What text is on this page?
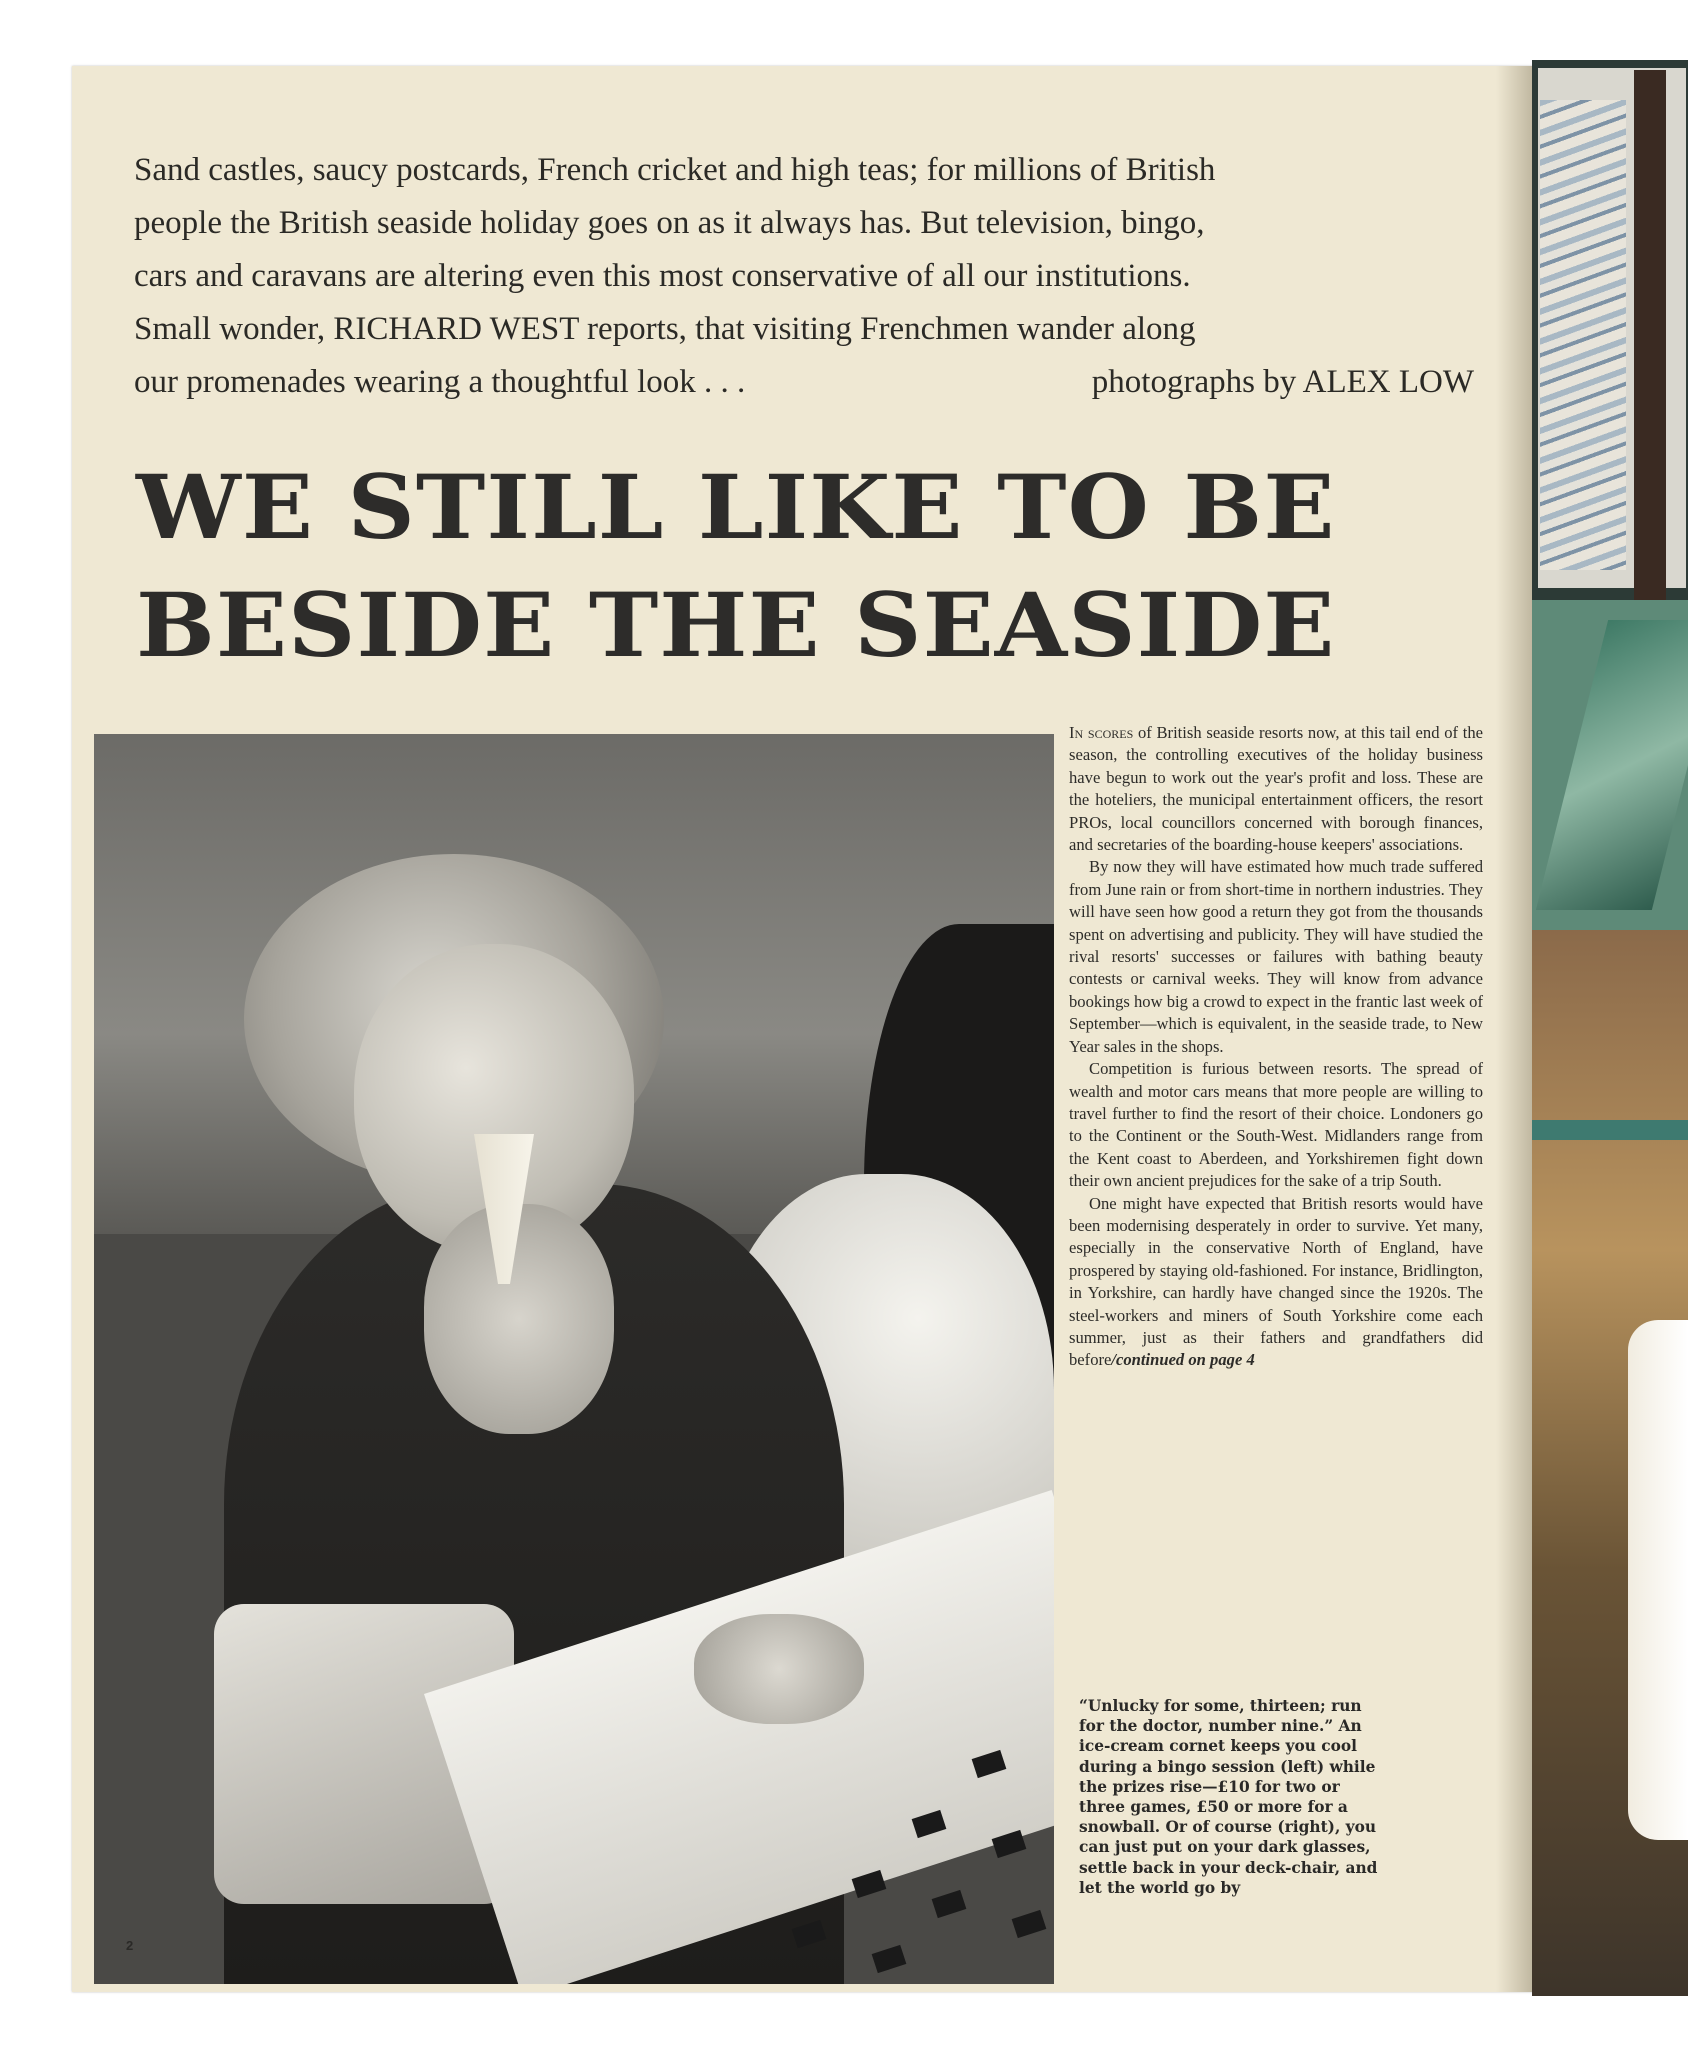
Sand castles, saucy postcards, French cricket and high teas; for millions of British

people the British seaside holiday goes on as it always has. But television, bingo,

cars and caravans are altering even this most conservative of all our institutions.

Small wonder, RICHARD WEST reports, that visiting Frenchmen wander along

our promenades wearing a thoughtful look . . .	photographs by ALEX LOW

WE STILL LIKE TO BE
BESIDE THE SEASIDE

In scores of British seaside resorts now, at this tail end of the season, the controlling executives of the holiday business have begun to work out the year's profit and loss. These are the hoteliers, the municipal entertainment officers, the resort PROs, local councillors concerned with borough finances, and secretaries of the boarding-house keepers' associations.

By now they will have estimated how much trade suffered from June rain or from short-time in northern industries. They will have seen how good a return they got from the thousands spent on advertising and publicity. They will have studied the rival resorts' successes or failures with bathing beauty contests or carnival weeks. They will know from advance bookings how big a crowd to expect in the frantic last week of September—which is equivalent, in the seaside trade, to New Year sales in the shops.

Competition is furious between resorts. The spread of wealth and motor cars means that more people are willing to travel further to find the resort of their choice. Londoners go to the Continent or the South-West. Midlanders range from the Kent coast to Aberdeen, and Yorkshiremen fight down their own ancient prejudices for the sake of a trip South.

One might have expected that British resorts would have been modernising desperately in order to survive. Yet many, especially in the conservative North of England, have prospered by staying old-fashioned. For instance, Bridlington, in Yorkshire, can hardly have changed since the 1920s. The steel-workers and miners of South Yorkshire come each summer, just as their fathers and grandfathers did before/continued on page 4

“Unlucky for some, thirteen; run for the doctor, number nine.” An ice-cream cornet keeps you cool during a bingo session (left) while the prizes rise—£10 for two or three games, £50 or more for a snowball. Or of course (right), you can just put on your dark glasses, settle back in your deck-chair, and let the world go by
2
